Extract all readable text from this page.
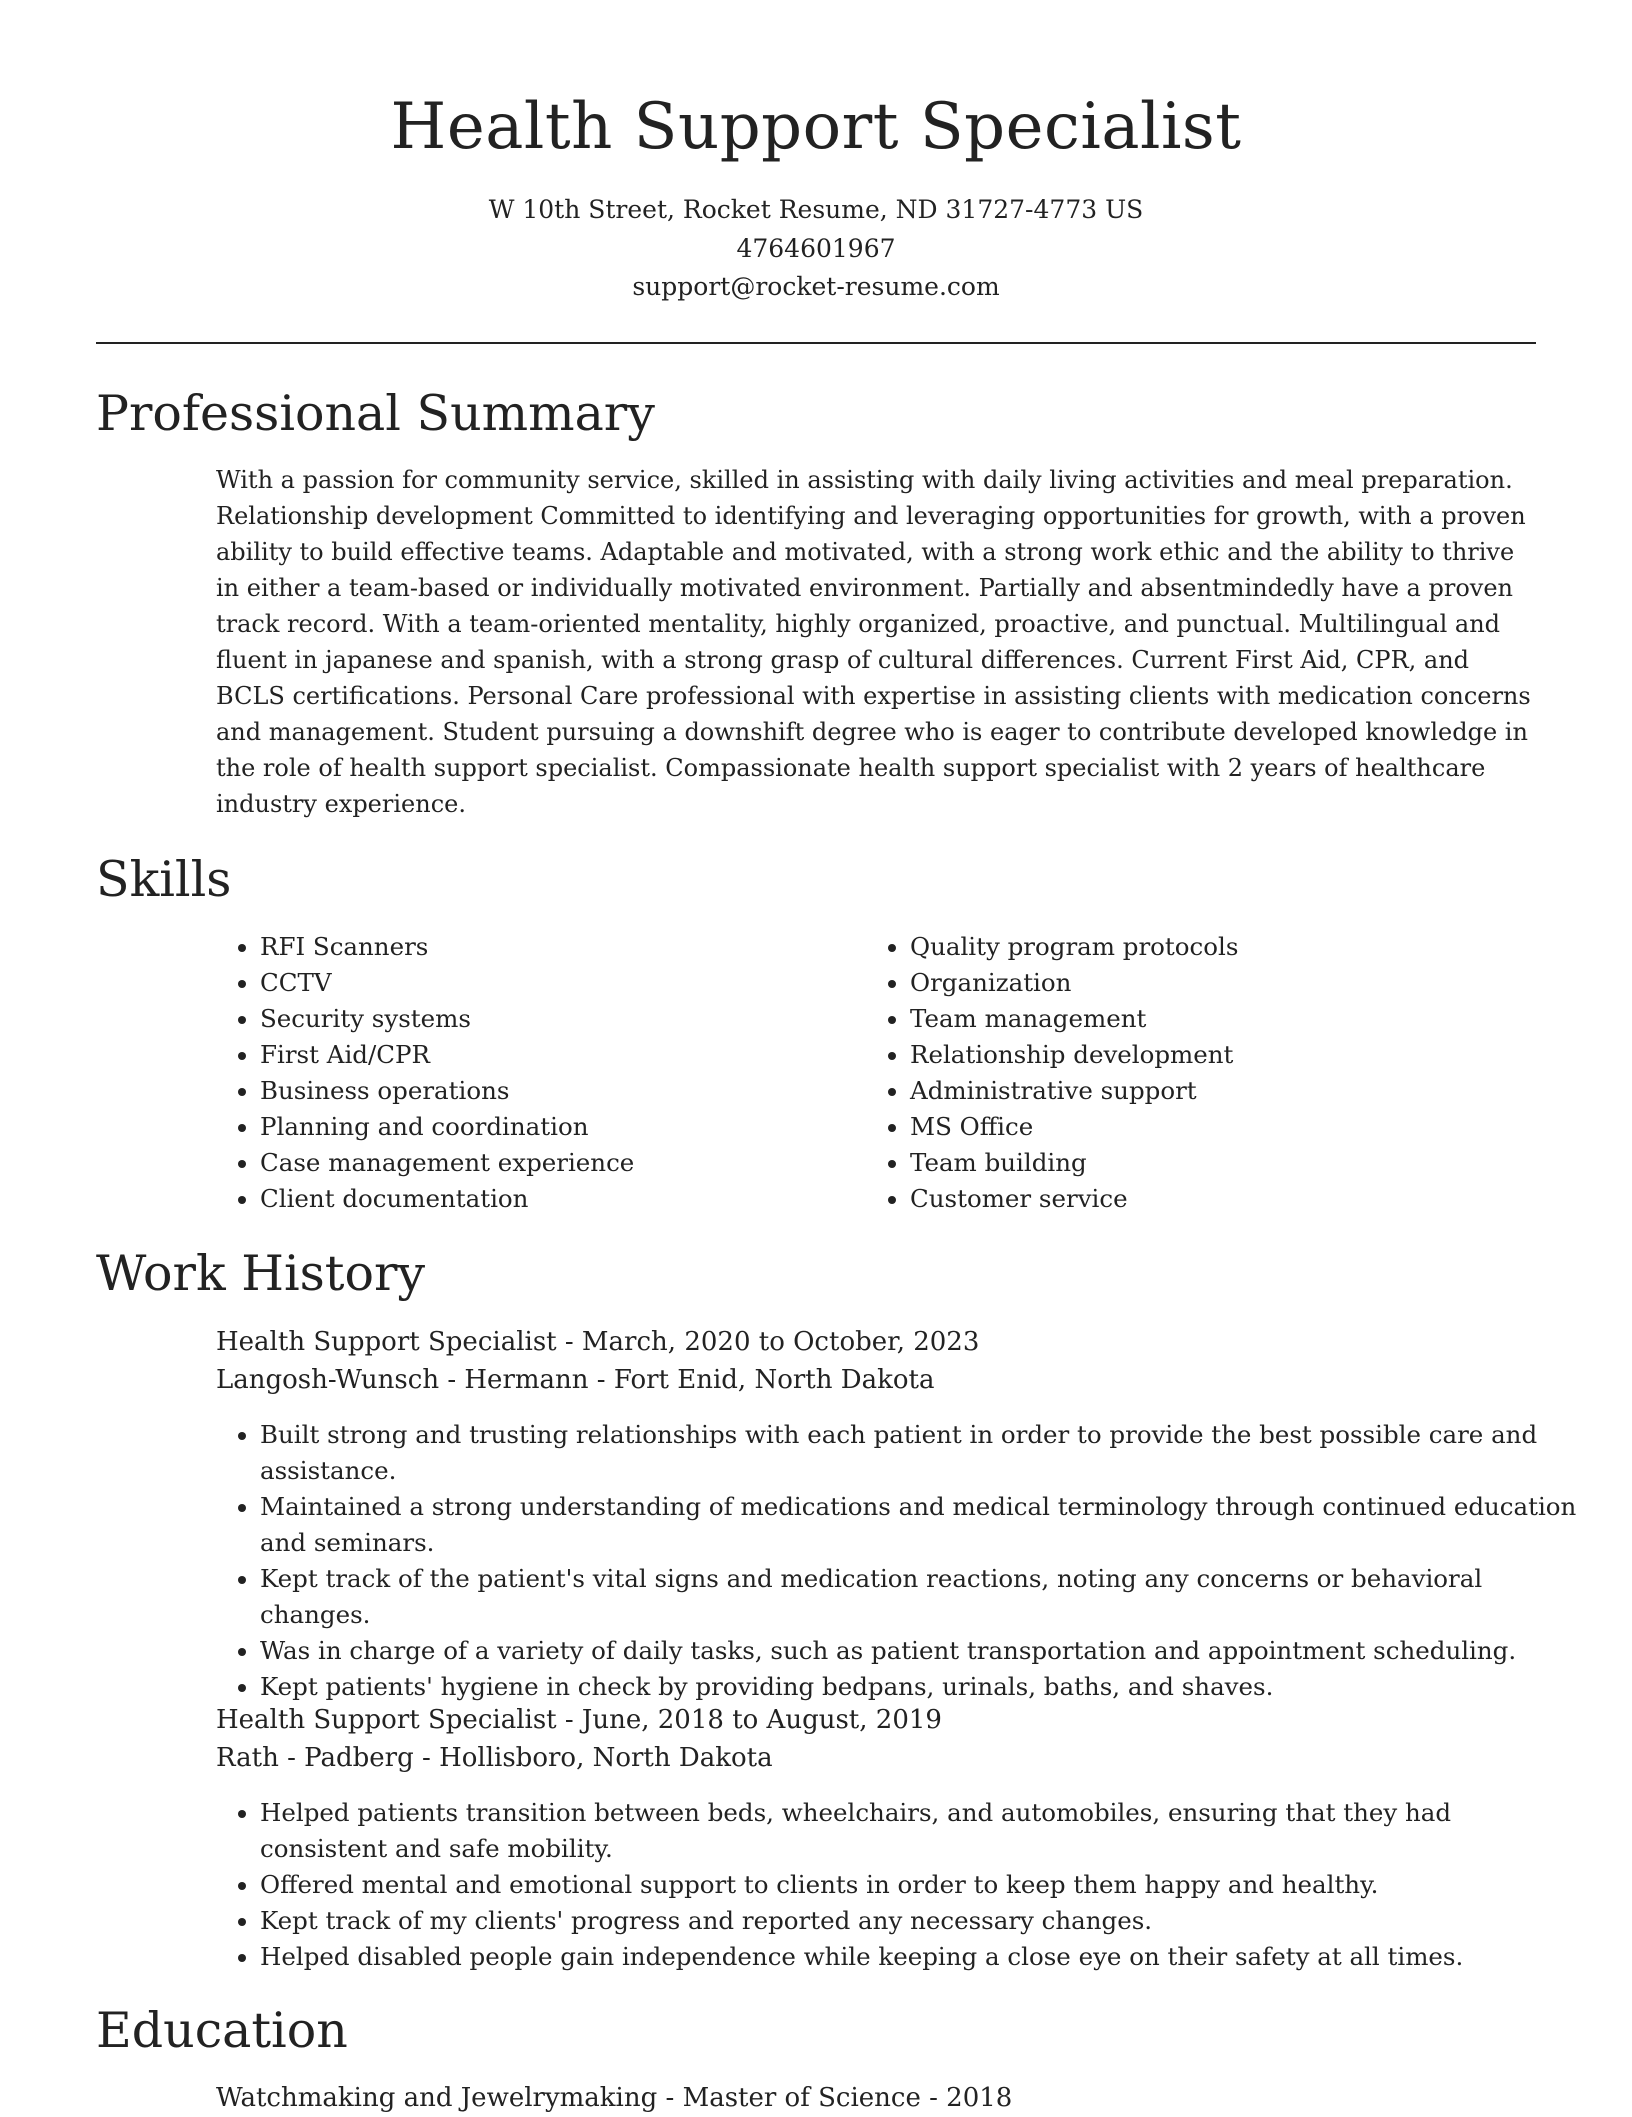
Health Support Specialist
W 10th Street, Rocket Resume, ND 31727-4773 US
4764601967
support@rocket-resume.com
Professional Summary

With a passion for community service, skilled in assisting with daily living activities and meal preparation. Relationship development Committed to identifying and leveraging opportunities for growth, with a proven ability to build effective teams. Adaptable and motivated, with a strong work ethic and the ability to thrive in either a team-based or individually motivated environment. Partially and absentmindedly have a proven track record. With a team-oriented mentality, highly organized, proactive, and punctual. Multilingual and fluent in japanese and spanish, with a strong grasp of cultural differences. Current First Aid, CPR, and BCLS certifications. Personal Care professional with expertise in assisting clients with medication concerns and management. Student pursuing a downshift degree who is eager to contribute developed knowledge in the role of health support specialist. Compassionate health support specialist with 2 years of healthcare industry experience.

Skills
• RFI Scanners
• CCTV
• Security systems
• First Aid/CPR
• Business operations
• Planning and coordination
• Case management experience
• Client documentation
• Quality program protocols
• Organization
• Team management
• Relationship development
• Administrative support
• MS Office
• Team building
• Customer service
Work History
Health Support Specialist - March, 2020 to October, 2023
Langosh-Wunsch - Hermann - Fort Enid, North Dakota
• Built strong and trusting relationships with each patient in order to provide the best possible care and assistance.
• Maintained a strong understanding of medications and medical terminology through continued education and seminars.
• Kept track of the patient's vital signs and medication reactions, noting any concerns or behavioral changes.
• Was in charge of a variety of daily tasks, such as patient transportation and appointment scheduling.
• Kept patients' hygiene in check by providing bedpans, urinals, baths, and shaves.
Health Support Specialist - June, 2018 to August, 2019
Rath - Padberg - Hollisboro, North Dakota
• Helped patients transition between beds, wheelchairs, and automobiles, ensuring that they had consistent and safe mobility.
• Offered mental and emotional support to clients in order to keep them happy and healthy.
• Kept track of my clients' progress and reported any necessary changes.
• Helped disabled people gain independence while keeping a close eye on their safety at all times.
Education
Watchmaking and Jewelrymaking - Master of Science - 2018
